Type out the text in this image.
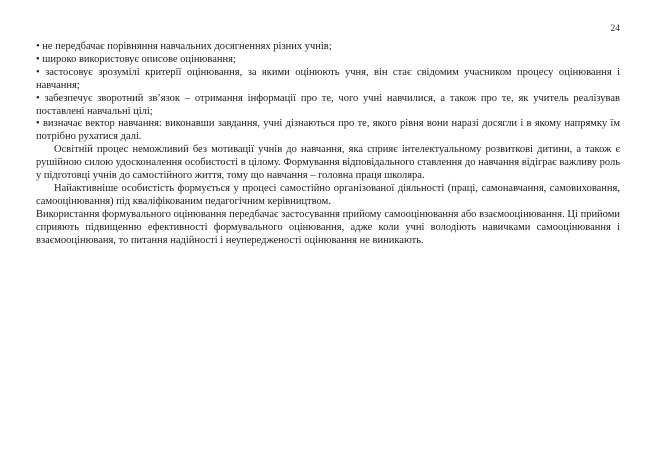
24

• не передбачає порівняння навчальних досягненнях різних учнів;

• широко використовує описове оцінювання;

• застосовує зрозумілі критерії оцінювання, за якими оцінюють учня, він стає свідомим учасником процесу оцінювання і навчання;

• забезпечує зворотний зв’язок – отримання інформації про те, чого учні навчилися, а також про те, як учитель реалізував поставлені навчальні цілі;

• визначає вектор навчання: виконавши завдання, учні дізнаються про те, якого рівня вони наразі досягли і в якому напрямку їм потрібно рухатися далі.

Освітній процес неможливий без мотивації учнів до навчання, яка сприяє інтелектуальному розвиткові дитини, а також є рушійною силою удосконалення особистості в цілому. Формування відповідального ставлення до навчання відіграє важливу роль у підготовці учнів до самостійного життя, тому що навчання – головна праця школяра.

Найактивніше особистість формується у процесі самостійно організованої діяльності (праці, самонавчання, самовиховання, самооцінювання) під кваліфікованим педагогічним керівництвом.

Використання формувального оцінювання передбачає застосування прийому самооцінювання або взаємооцінювання. Ці прийоми сприяють підвищенню ефективності формувального оцінювання, адже коли учні володіють навичками самооцінювання і взаємооцінюваня, то питання надійності і неупередженості оцінювання не виникають.
